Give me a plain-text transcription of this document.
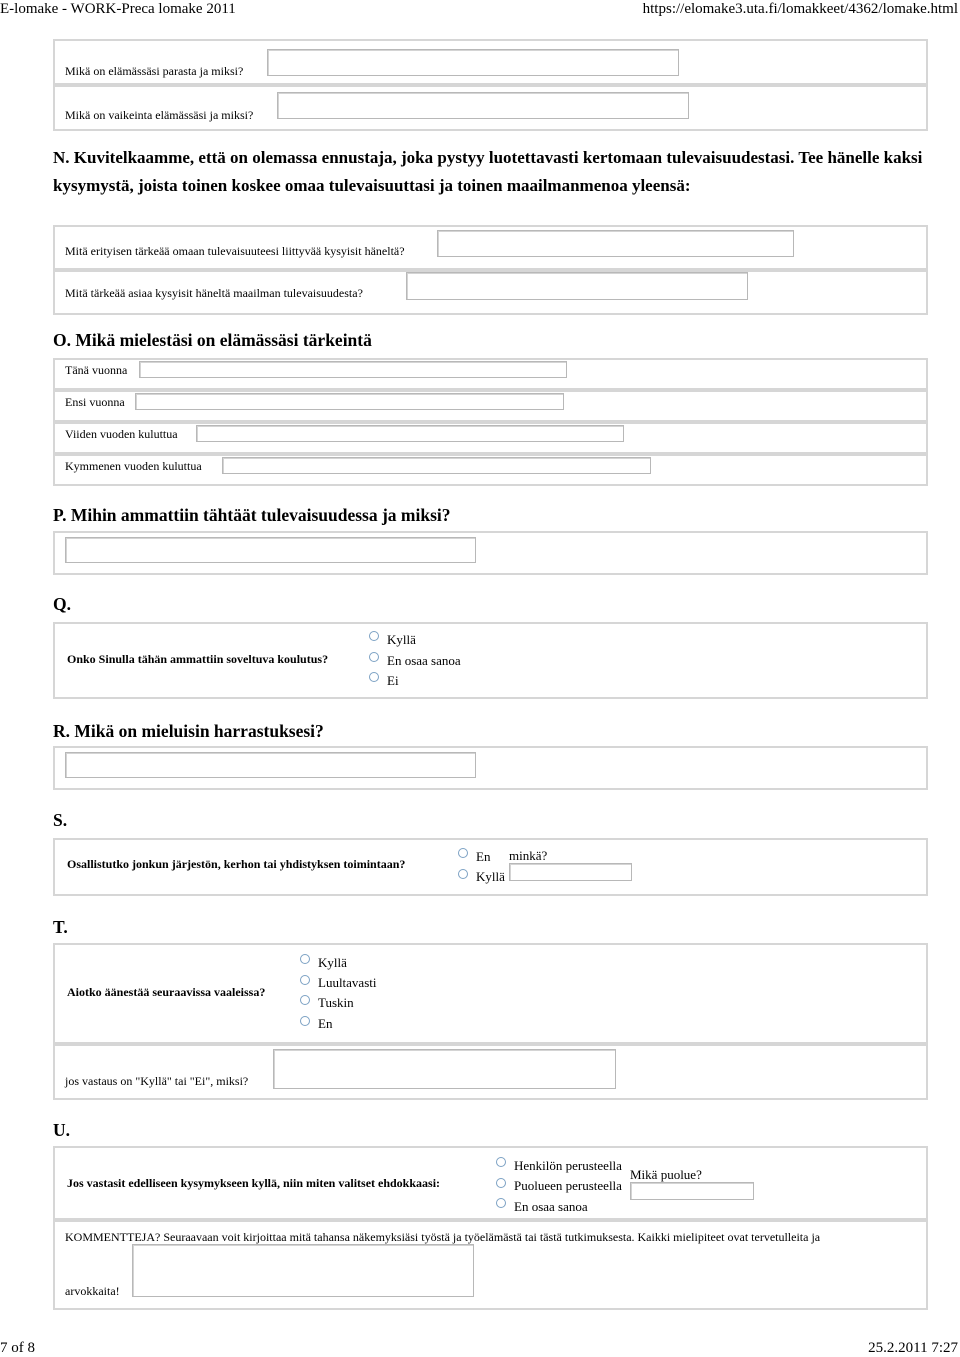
E-lomake - WORK-Preca lomake 2011	https://elomake3.uta.fi/lomakkeet/4362/lomake.html
Mikä on elämässäsi parasta ja miksi?
Mikä on vaikeinta elämässäsi ja miksi?
N. Kuvitelkaamme, että on olemassa ennustaja, joka pystyy luotettavasti kertomaan tulevaisuudestasi. Tee hänelle kaksi kysymystä, joista toinen koskee omaa tulevaisuuttasi ja toinen maailmanmenoa yleensä:
Mitä erityisen tärkeää omaan tulevaisuuteesi liittyvää kysyisit häneltä?
Mitä tärkeää asiaa kysyisit häneltä maailman tulevaisuudesta?
O. Mikä mielestäsi on elämässäsi tärkeintä
Tänä vuonna
Ensi vuonna
Viiden vuoden kuluttua
Kymmenen vuoden kuluttua
P. Mihin ammattiin tähtäät tulevaisuudessa ja miksi?
Q.
Onko Sinulla tähän ammattiin soveltuva koulutus?
Kyllä
En osaa sanoa
Ei
R. Mikä on mieluisin harrastuksesi?
S.
Osallistutko jonkun järjestön, kerhon tai yhdistyksen toimintaan?	En
Kyllä
minkä?
T.
Aiotko äänestää seuraavissa vaaleissa?
Kyllä
Luultavasti
Tuskin
En
jos vastaus on "Kyllä" tai "Ei", miksi?
U.
Jos vastasit edelliseen kysymykseen kyllä, niin miten valitset ehdokkaasi:
Henkilön perusteella
Puolueen perusteella
En osaa sanoa
Mikä puolue?
KOMMENTTEJA? Seuraavaan voit kirjoittaa mitä tahansa näkemyksiäsi työstä ja työelämästä tai tästä tutkimuksesta. Kaikki mielipiteet ovat tervetulleita ja
arvokkaita!
7 of 8	25.2.2011 7:27
